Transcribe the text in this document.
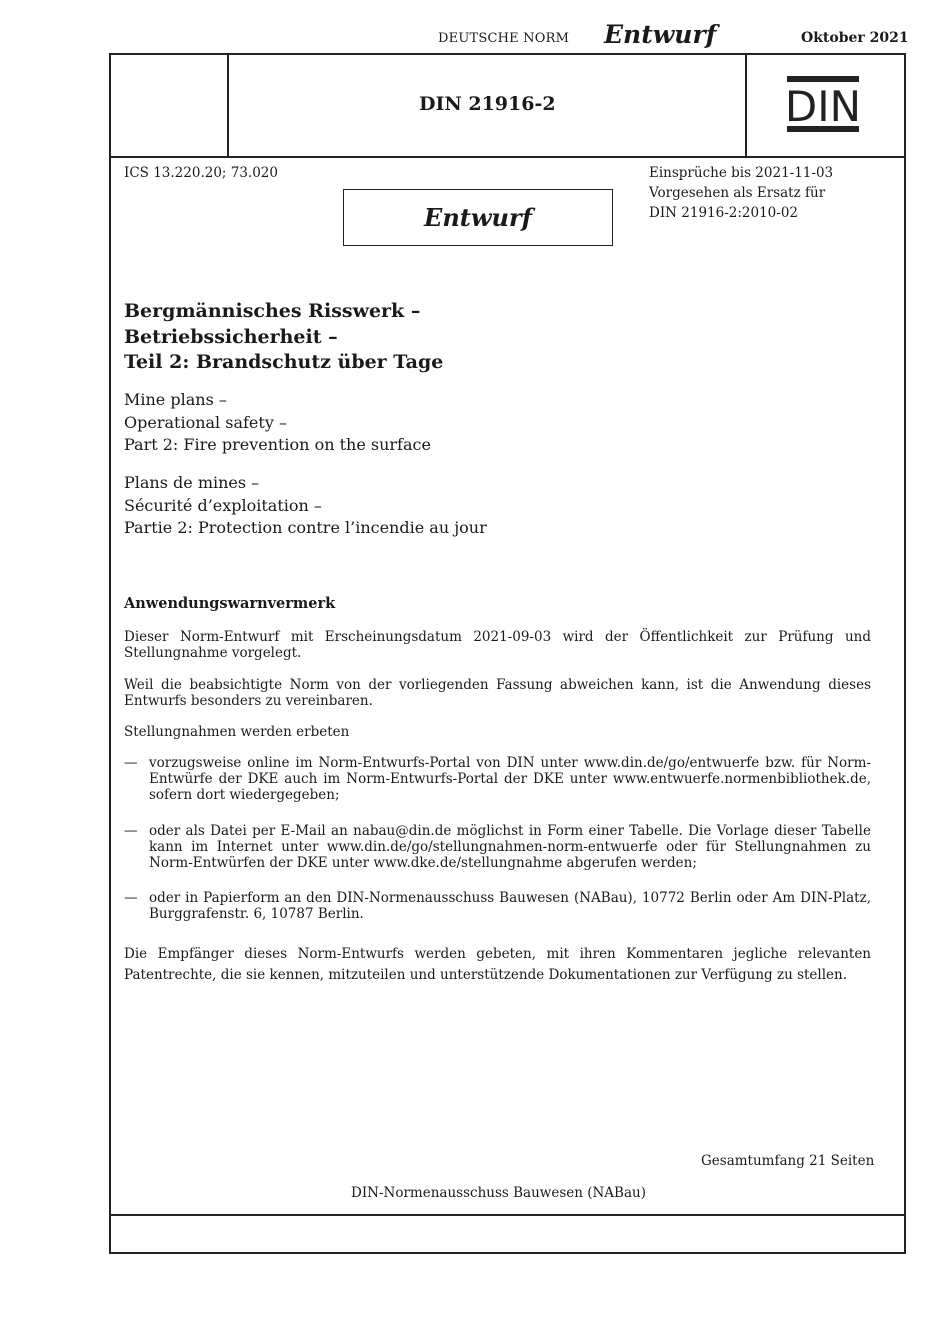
DEUTSCHE NORM Entwurf	Oktober 2021
DIN 21916-2	DIN
ICS 13.220.20; 73.020	Einsprüche bis 2021-11-03
Vorgesehen als Ersatz für
DIN 21916-2:2010-02
Entwurf
Bergmännisches Risswerk –
Betriebssicherheit –
Teil 2: Brandschutz über Tage
Mine plans –
Operational safety –
Part 2: Fire prevention on the surface
Plans de mines –
Sécurité d’exploitation –
Partie 2: Protection contre l’incendie au jour
Anwendungswarnvermerk
Dieser Norm-Entwurf mit Erscheinungsdatum 2021-09-03 wird der Öffentlichkeit zur Prüfung und Stellungnahme vorgelegt.
Weil die beabsichtigte Norm von der vorliegenden Fassung abweichen kann, ist die Anwendung dieses Entwurfs besonders zu vereinbaren.
Stellungnahmen werden erbeten
— vorzugsweise online im Norm-Entwurfs-Portal von DIN unter www.din.de/go/entwuerfe bzw. für Norm-Entwürfe der DKE auch im Norm-Entwurfs-Portal der DKE unter www.entwuerfe.normenbibliothek.de, sofern dort wiedergegeben;
— oder als Datei per E-Mail an nabau@din.de möglichst in Form einer Tabelle. Die Vorlage dieser Tabelle kann im Internet unter www.din.de/go/stellungnahmen-norm-entwuerfe oder für Stellungnahmen zu Norm-Entwürfen der DKE unter www.dke.de/stellungnahme abgerufen werden;
— oder in Papierform an den DIN-Normenausschuss Bauwesen (NABau), 10772 Berlin oder Am DIN-Platz, Burggrafenstr. 6, 10787 Berlin.
Die Empfänger dieses Norm-Entwurfs werden gebeten, mit ihren Kommentaren jegliche relevanten Patentrechte, die sie kennen, mitzuteilen und unterstützende Dokumentationen zur Verfügung zu stellen.
Gesamtumfang 21 Seiten
DIN-Normenausschuss Bauwesen (NABau)
